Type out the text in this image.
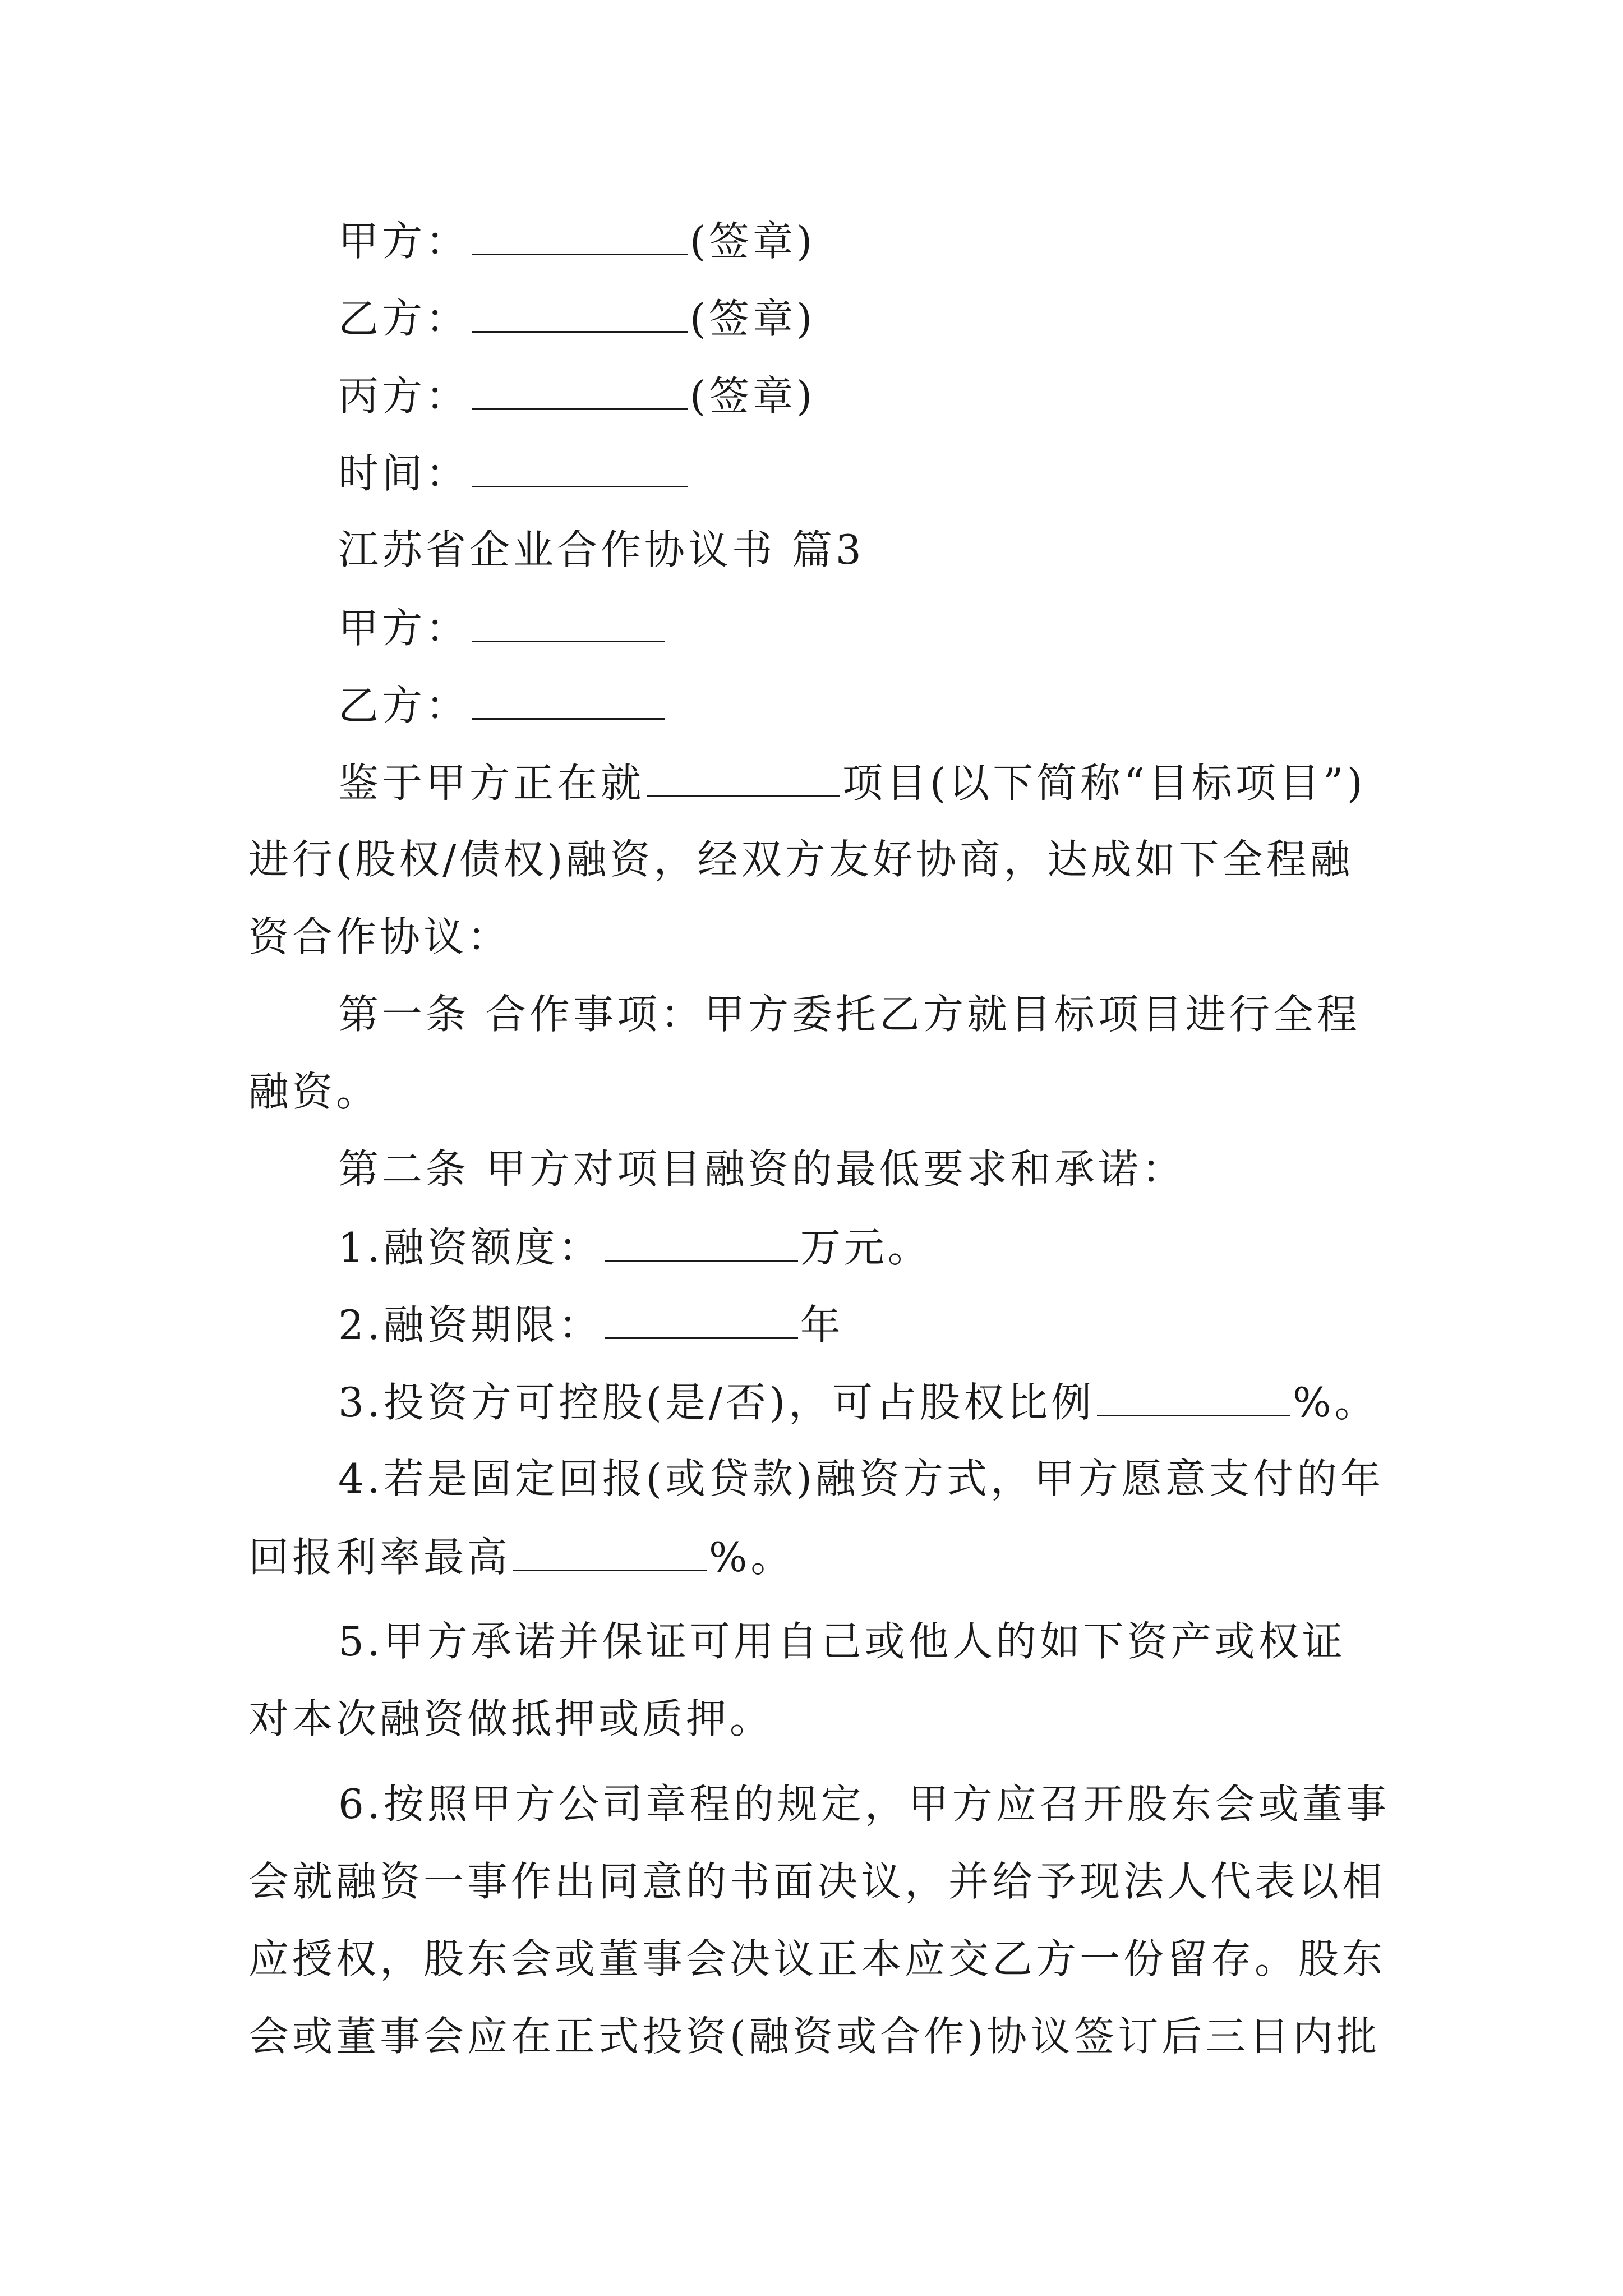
甲方：	(签章)
乙方：	(签章)
丙方：	(签章)
时间：
江苏省企业合作协议书 篇3
甲方：
乙方：
鉴于甲方正在就	项目(以下简称“目标项目”)
进行(股权/债权)融资，经双方友好协商，达成如下全程融
资合作协议：
第一条 合作事项：甲方委托乙方就目标项目进行全程
融资。
第二条 甲方对项目融资的最低要求和承诺：
1.融资额度：	万元。
2.融资期限：	年
3.投资方可控股(是/否)，可占股权比例	%。
4.若是固定回报(或贷款)融资方式，甲方愿意支付的年
回报利率最高	%。
5.甲方承诺并保证可用自己或他人的如下资产或权证
对本次融资做抵押或质押。
6.按照甲方公司章程的规定，甲方应召开股东会或董事
会就融资一事作出同意的书面决议，并给予现法人代表以相
应授权，股东会或董事会决议正本应交乙方一份留存。股东
会或董事会应在正式投资(融资或合作)协议签订后三日内批
